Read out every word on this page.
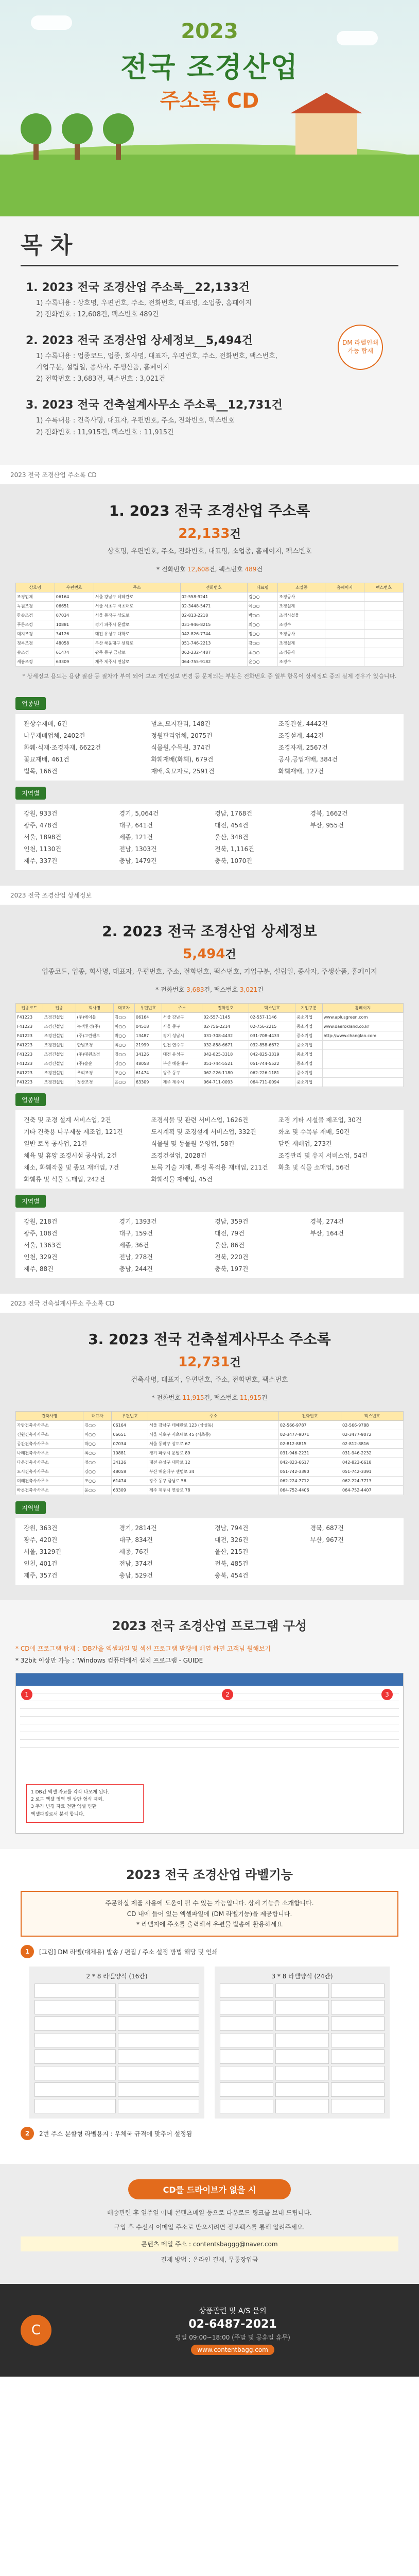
2023
전국 조경산업
주소록 CD
목 차
DM 라벨인쇄 가능 탑재
1. 2023 전국 조경산업 주소록__22,133건
1) 수록내용 : 상호명, 우편번호, 주소, 전화번호, 대표명, 소업종, 홈페이지
2) 전화번호 : 12,608건, 팩스번호 489건
2. 2023 전국 조경산업 상세정보__5,494건
1) 수록내용 : 업종코드, 업종, 회사명, 대표자, 우편번호, 주소, 전화번호, 팩스번호,
기업구분, 설립일, 종사자, 주생산품, 홈페이지
2) 전화번호 : 3,683건, 팩스번호 : 3,021건
3. 2023 전국 건축설계사무소 주소록__12,731건
1) 수록내용 : 건축사명, 대표자, 우편번호, 주소, 전화번호, 팩스번호
2) 전화번호 : 11,915건, 팩스번호 : 11,915건
2023 전국 조경산업 주소록 CD
1. 2023 전국 조경산업 주소록
22,133건
상호명, 우편번호, 주소, 전화번호, 대표명, 소업종, 홈페이지, 팩스번호
* 전화번호 12,608건, 팩스번호 489건
상호명	우편번호	주소	전화번호	대표명	소업종	홈페이지	팩스번호
조경업체	06164	서울 강남구 테헤란로	02-558-9241	김○○	조경공사		
녹원조경	06651	서울 서초구 서초대로	02-3448-5471	이○○	조경설계		
한솔조경	07034	서울 동작구 상도로	02-813-2218	박○○	조경시설물		
푸른조경	10881	경기 파주시 문발로	031-946-8215	최○○	조경수		
대지조경	34126	대전 유성구 대학로	042-826-7744	정○○	조경공사		
청록조경	48058	부산 해운대구 센텀로	051-746-2213	강○○	조경설계		
숲조경	61474	광주 동구 금남로	062-232-4487	조○○	조경공사		
새봄조경	63309	제주 제주시 연삼로	064-755-9182	윤○○	조경수		
* 상세정보 용도는 용량 절감 등 절차가 부여 되어 보조 개인정보 변경 등 문제되는 부분은 전화번호 중 일부 항목이 상세정보 중의 실제 경우가 있습니다.
업종별
관상수재배, 6건	벌초,묘지관리, 148건	조경건설, 4442건
나무재배업체, 2402건	정원관리업체, 2075건	조경설계, 442건
화훼·식재·조경자재, 6622건	식물원,수목원, 374건	조경자재, 2567건
꽃묘재배, 461건	화훼재배(화훼), 679건	공사,공업재배, 384건
벌목, 166건	재배,육묘자료, 2591건	화훼재배, 127건
지역별
강원, 933건	경기, 5,064건	경남, 1768건	경북, 1662건
광주, 478건	대구, 641건	대전, 454건	부산, 955건
서울, 1898건	세종, 121건	울산, 348건
인천, 1130건	전남, 1303건	전북, 1,116건
제주, 337건	충남, 1479건	충북, 1070건
2023 전국 조경산업 상세정보
2. 2023 전국 조경산업 상세정보
5,494건
업종코드, 업종, 회사명, 대표자, 우편번호, 주소, 전화번호, 팩스번호, 기업구분, 설립일, 종사자, 주생산품, 홈페이지
* 전화번호 3,683건, 팩스번호 3,021건
업종코드	업종	회사명	대표자	우편번호	주소	전화번호	팩스번호	기업구분	홈페이지
F41223	조경건설업	(주)에이블	김○○	06164	서울 강남구	02-557-1145	02-557-1146	중소기업	www.aplusgreen.com
F41223	조경건설업	녹색환경(주)	이○○	04518	서울 중구	02-756-2214	02-756-2215	중소기업	www.daerokland.co.kr
F41223	조경건설업	(주)그린랜드	박○○	13487	경기 성남시	031-708-4432	031-708-4433	중소기업	http://www.changlan.com
F41223	조경건설업	한빛조경	최○○	21999	인천 연수구	032-858-6671	032-858-6672	중소기업	
F41223	조경건설업	(주)대원조경	정○○	34126	대전 유성구	042-825-3318	042-825-3319	중소기업	
F41223	조경건설업	(주)솔숲	강○○	48058	부산 해운대구	051-744-5521	051-744-5522	중소기업	
F41223	조경건설업	우리조경	조○○	61474	광주 동구	062-226-1180	062-226-1181	중소기업	
F41223	조경건설업	청산조경	윤○○	63309	제주 제주시	064-711-0093	064-711-0094	중소기업	
업종별
건축 및 조경 설계 서비스업, 2건	조경식물 및 관련 서비스업, 1626건	조경 기타 시설물 제조업, 30건
기타 건축용 나무제품 제조업, 121건	도시계획 및 조경설계 서비스업, 332건	화초 및 수목류 재배, 50건
일반 토목 공사업, 21건	식물원 및 동물원 운영업, 58건	달린 재배업, 273건
체육 및 휴양 조경시설 공사업, 2건	조경건설업, 2028건	조경관리 및 유지 서비스업, 54건
채소, 화훼작물 및 종묘 재배업, 7건	토목 기술 자재, 특정 목적용 재배업, 211건 화초 및 식물 소매업, 56건
화훼류 및 식물 도매업, 242건	화훼작물 재배업, 45건
지역별
강원, 218건	경기, 1393건	경남, 359건	경북, 274건
광주, 108건	대구, 159건	대전, 79건	부산, 164건
서울, 1363건	세종, 36건	울산, 86건
인천, 329건	전남, 278건	전북, 220건
제주, 88건	충남, 244건	충북, 197건
2023 전국 건축설계사무소 주소록 CD
3. 2023 전국 건축설계사무소 주소록
12,731건
건축사명, 대표자, 우편번호, 주소, 전화번호, 팩스번호
* 전화번호 11,915건, 팩스번호 11,915건
건축사명	대표자	우편번호	주소	전화번호	팩스번호
가람건축사사무소	김○○	06164	서울 강남구 테헤란로 123 (삼성동)	02-566-9787	02-566-9788
건원건축사사무소	이○○	06651	서울 서초구 서초대로 45 (서초동)	02-3477-9071	02-3477-9072
공간건축사사무소	박○○	07034	서울 동작구 상도로 67	02-812-8815	02-812-8816
나래건축사사무소	최○○	10881	경기 파주시 문발로 89	031-946-2231	031-946-2232
다온건축사사무소	정○○	34126	대전 유성구 대학로 12	042-823-6617	042-823-6618
도시건축사사무소	강○○	48058	부산 해운대구 센텀로 34	051-742-3390	051-742-3391
미래건축사사무소	조○○	61474	광주 동구 금남로 56	062-224-7712	062-224-7713
바른건축사사무소	윤○○	63309	제주 제주시 연삼로 78	064-752-4406	064-752-4407
지역별
강원, 363건	경기, 2814건	경남, 794건	경북, 687건
광주, 420건	대구, 834건	대전, 326건	부산, 967건
서울, 3129건	세종, 76건	울산, 215건
인천, 401건	전남, 374건	전북, 485건
제주, 357건	충남, 529건	충북, 454건
2023 전국 조경산업 프로그램 구성
* CD에 프로그램 탑재 : 'DB간을 엑셀파일 및 섹션 프로그램 발행에 배열 하면 고객님 원해보기
* 32bit 이상만 가능 : 'Windows 컴퓨터에서 설치 프로그램 - GUIDE
1	2	3
1 DB간 엑셀 자료를 각각 나오게 된다.
2 로그 엑셀 영역 맨 상단 형식 제외.
3 추가 변경 자료 전환 엑셀 변환
엑셀파일로서 분석 합니다.
2023 전국 조경산업 라벨기능
주문하실 제품 사용에 도움이 될 수 있는 가능입니다. 상세 기능을 소개합니다.
CD 내에 들어 있는 엑셀파일에 (DM 라벨기능)을 제공합니다.
* 라벨지에 주소를 출력해서 우편물 발송에 활용하세요
1	[그림] DM 라벨(대체용) 발송 / 편집 / 주소 설정 방법 해당 및 인쇄
2 * 8 라벨양식 (16칸)	3 * 8 라벨양식 (24칸)
2	2번 주소 분할형 라벨용지 : 우체국 규격에 맞추어 설정됨
CD를 드라이브가 없을 시

배송관련 후 일주일 이내 콘텐츠메일 등으로 다운로드 링크를 보내 드립니다.

구입 후 수신시 이메일 주소로 받으시려면 정보팩스를 통해 알려주세요.

콘텐츠 메일 주소 : contentsbaggg@naver.com

결제 방법 : 온라인 결제, 무통장입금

C
상품관련 및 A/S 문의
02-6487-2021
평일 09:00~18:00 (주말 및 공휴일 휴무)
www.contentbagg.com
